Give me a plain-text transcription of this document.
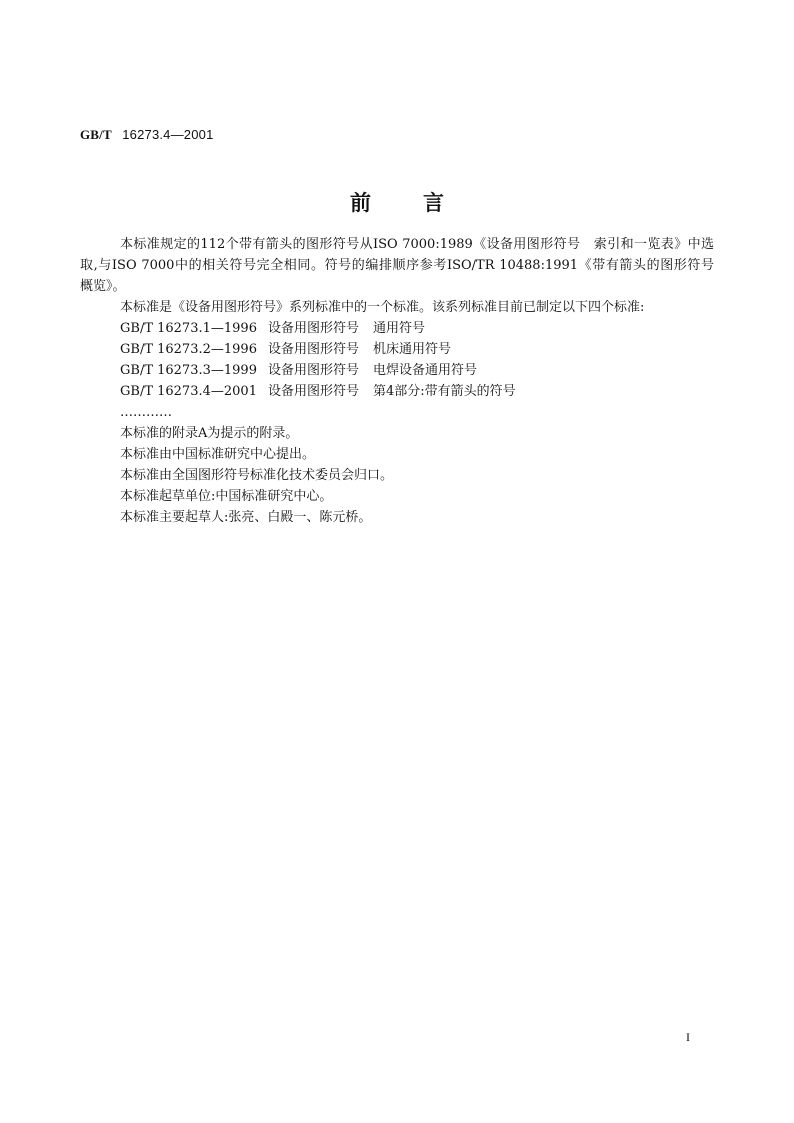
GB/T 16273.4—2001
前言

本标准规定的112个带有箭头的图形符号从ISO 7000:1989《设备用图形符号　索引和一览表》中选取,与ISO 7000中的相关符号完全相同。符号的编排顺序参考ISO/TR 10488:1991《带有箭头的图形符号　概览》。

本标准是《设备用图形符号》系列标准中的一个标准。该系列标准目前已制定以下四个标准:

GB/T 16273.1—1996 设备用图形符号 通用符号
GB/T 16273.2—1996 设备用图形符号 机床通用符号
GB/T 16273.3—1999 设备用图形符号 电焊设备通用符号
GB/T 16273.4—2001 设备用图形符号 第4部分:带有箭头的符号

…………

本标准的附录A为提示的附录。

本标准由中国标准研究中心提出。

本标准由全国图形符号标准化技术委员会归口。

本标准起草单位:中国标准研究中心。

本标准主要起草人:张亮、白殿一、陈元桥。

I
